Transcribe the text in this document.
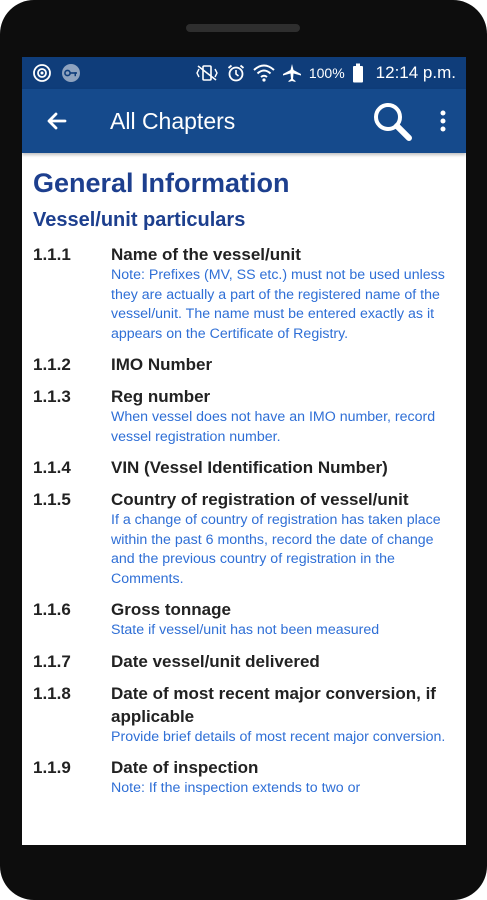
100% 12:14 p.m.
All Chapters
General Information
Vessel/unit particulars
1.1.1	Name of the vessel/unit
Note: Prefixes (MV, SS etc.) must not be used unless they are actually a part of the registered name of the vessel/unit. The name must be entered exactly as it appears on the Certificate of Registry.
1.1.2	IMO Number
1.1.3	Reg number
When vessel does not have an IMO number, record vessel registration number.
1.1.4	VIN (Vessel Identification Number)
1.1.5	Country of registration of vessel/unit
If a change of country of registration has taken place within the past 6 months, record the date of change and the previous country of registration in the Comments.
1.1.6	Gross tonnage
State if vessel/unit has not been measured
1.1.7	Date vessel/unit delivered
1.1.8	Date of most recent major conversion, if applicable
Provide brief details of most recent major conversion.
1.1.9	Date of inspection
Note: If the inspection extends to two or
